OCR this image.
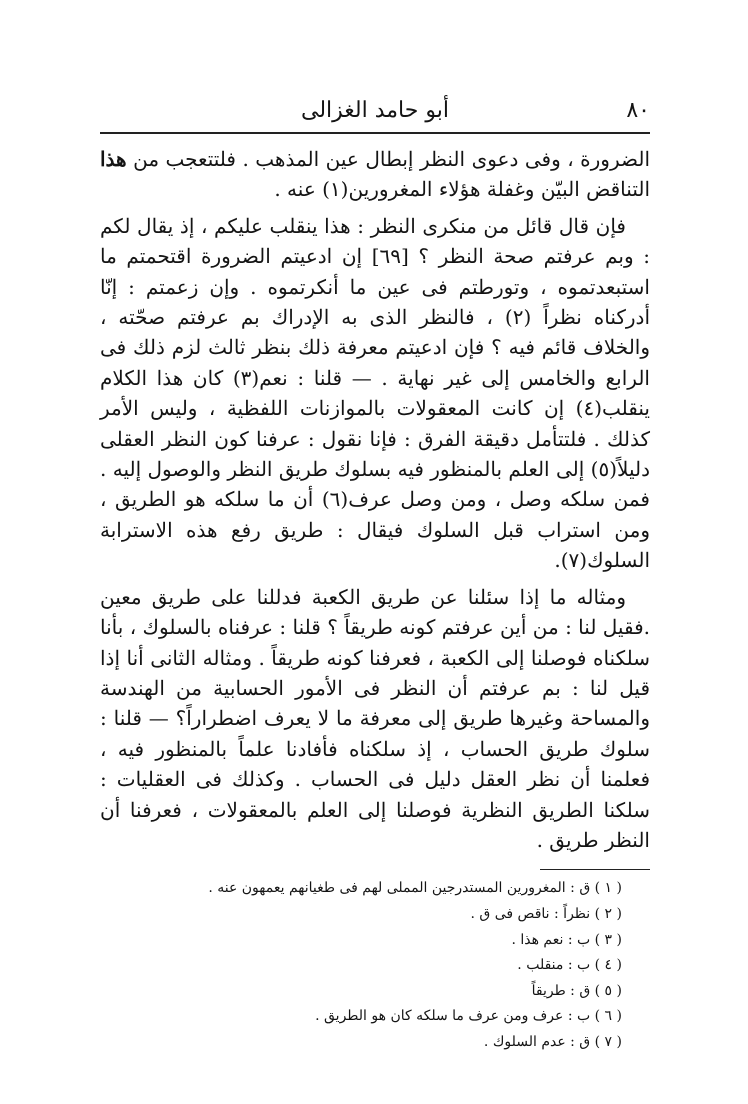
٨٠
أبو حامد الغزالى

الضرورة ، وفى دعوى النظر إبطال عين المذهب . فلتتعجب من هذا التناقض البيّن وغفلة هؤلاء المغرورين(١) عنه .

فإن قال قائل من منكرى النظر : هذا ينقلب عليكم ، إذ يقال لكم : وبم عرفتم صحة النظر ؟ [٦٩] إن ادعيتم الضرورة اقتحمتم ما استبعدتموه ، وتورطتم فى عين ما أنكرتموه . وإن زعمتم : إنّا أدركناه نظراً (٢) ، فالنظر الذى به الإدراك بم عرفتم صحّته ، والخلاف قائم فيه ؟ فإن ادعيتم معرفة ذلك بنظر ثالث لزم ذلك فى الرابع والخامس إلى غير نهاية . — قلنا : نعم(٣) كان هذا الكلام ينقلب(٤) إن كانت المعقولات بالموازنات اللفظية ، وليس الأمر كذلك . فلتتأمل دقيقة الفرق : فإنا نقول : عرفنا كون النظر العقلى دليلاً(٥) إلى العلم بالمنظور فيه بسلوك طريق النظر والوصول إليه . فمن سلكه وصل ، ومن وصل عرف(٦) أن ما سلكه هو الطريق ، ومن استراب قبل السلوك فيقال : طريق رفع هذه الاسترابة السلوك(٧).

ومثاله ما إذا سئلنا عن طريق الكعبة فدللنا على طريق معين .فقيل لنا : من أين عرفتم كونه طريقاً ؟ قلنا : عرفناه بالسلوك ، بأنا سلكناه فوصلنا إلى الكعبة ، فعرفنا كونه طريقاً . ومثاله الثانى أنا إذا قيل لنا : بم عرفتم أن النظر فى الأمور الحسابية من الهندسة والمساحة وغيرها طريق إلى معرفة ما لا يعرف اضطراراً؟ — قلنا : سلوك طريق الحساب ، إذ سلكناه فأفادنا علماً بالمنظور فيه ، فعلمنا أن نظر العقل دليل فى الحساب . وكذلك فى العقليات : سلكنا الطريق النظرية فوصلنا إلى العلم بالمعقولات ، فعرفنا أن النظر طريق .

( ١ ) ق : المغرورين المستدرجين المملى لهم فى طغيانهم يعمهون عنه .
( ٢ ) نظراً : ناقص فى ق .
( ٣ ) ب : نعم هذا .
( ٤ ) ب : منقلب .
( ٥ ) ق : طريقاً
( ٦ ) ب : عرف ومن عرف ما سلكه كان هو الطريق .
( ٧ ) ق : عدم السلوك .
